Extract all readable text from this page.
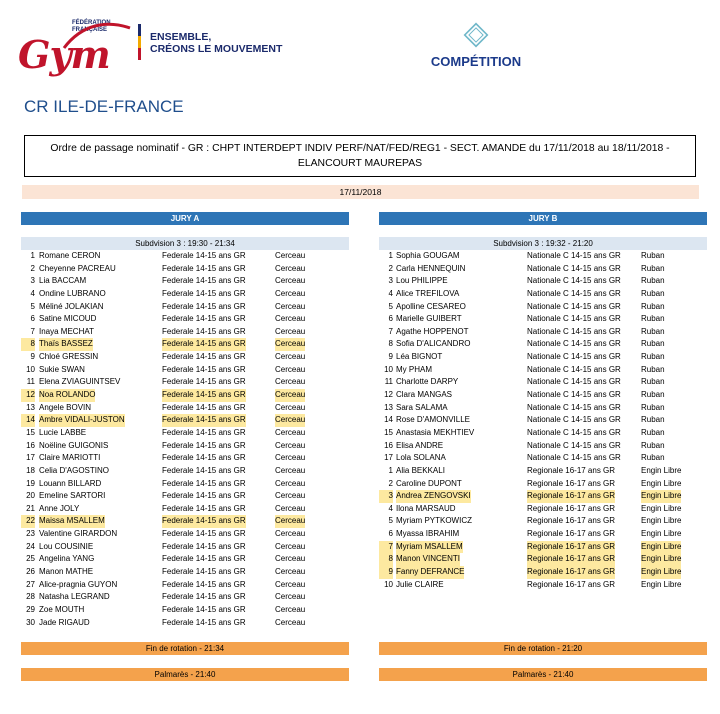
FÉDÉRATION FRANÇAISE
Gym	ENSEMBLE,
CRÉONS LE MOUVEMENT
COMPÉTITION
CR ILE-DE-FRANCE
Ordre de passage nominatif - GR : CHPT INTERDEPT INDIV PERF/NAT/FED/REG1 - SECT. AMANDE du 17/11/2018 au 18/11/2018 -
ELANCOURT MAUREPAS
17/11/2018
JURY A
Subdvision 3 : 19:30 - 21:34
1 Romane CERON	Federale 14-15 ans GR	Cerceau
2 Cheyenne PACREAU	Federale 14-15 ans GR	Cerceau
3 Lia BACCAM	Federale 14-15 ans GR	Cerceau
4 Ondine LUBRANO	Federale 14-15 ans GR	Cerceau
5 Méliné JOLAKIAN	Federale 14-15 ans GR	Cerceau
6 Satine MICOUD	Federale 14-15 ans GR	Cerceau
7 Inaya MECHAT	Federale 14-15 ans GR	Cerceau
8 Thaïs BASSEZ	Federale 14-15 ans GR	Cerceau
9 Chloé GRESSIN	Federale 14-15 ans GR	Cerceau
10 Sukie SWAN	Federale 14-15 ans GR	Cerceau
11 Elena ZVIAGUINTSEV	Federale 14-15 ans GR	Cerceau
12 Noa ROLANDO	Federale 14-15 ans GR	Cerceau
13 Angele BOVIN	Federale 14-15 ans GR	Cerceau
14 Ambre VIDALI-JUSTON	Federale 14-15 ans GR	Cerceau
15 Lucie LABBE	Federale 14-15 ans GR	Cerceau
16 Noëline GUIGONIS	Federale 14-15 ans GR	Cerceau
17 Claire MARIOTTI	Federale 14-15 ans GR	Cerceau
18 Celia D'AGOSTINO	Federale 14-15 ans GR	Cerceau
19 Louann BILLARD	Federale 14-15 ans GR	Cerceau
20 Emeline SARTORI	Federale 14-15 ans GR	Cerceau
21 Anne JOLY	Federale 14-15 ans GR	Cerceau
22 Maissa MSALLEM	Federale 14-15 ans GR	Cerceau
23 Valentine GIRARDON	Federale 14-15 ans GR	Cerceau
24 Lou COUSINIE	Federale 14-15 ans GR	Cerceau
25 Angelina YANG	Federale 14-15 ans GR	Cerceau
26 Manon MATHE	Federale 14-15 ans GR	Cerceau
27 Alice-pragnia GUYON	Federale 14-15 ans GR	Cerceau
28 Natasha LEGRAND	Federale 14-15 ans GR	Cerceau
29 Zoe MOUTH	Federale 14-15 ans GR	Cerceau
30 Jade RIGAUD	Federale 14-15 ans GR	Cerceau
JURY B
Subdvision 3 : 19:32 - 21:20
1 Sophia GOUGAM	Nationale C 14-15 ans GR	Ruban
2 Carla HENNEQUIN	Nationale C 14-15 ans GR	Ruban
3 Lou PHILIPPE	Nationale C 14-15 ans GR	Ruban
4 Alice TREFILOVA	Nationale C 14-15 ans GR	Ruban
5 Apolline CESAREO	Nationale C 14-15 ans GR	Ruban
6 Marielle GUIBERT	Nationale C 14-15 ans GR	Ruban
7 Agathe HOPPENOT	Nationale C 14-15 ans GR	Ruban
8 Sofia D'ALICANDRO	Nationale C 14-15 ans GR	Ruban
9 Léa BIGNOT	Nationale C 14-15 ans GR	Ruban
10 My PHAM	Nationale C 14-15 ans GR	Ruban
11 Charlotte DARPY	Nationale C 14-15 ans GR	Ruban
12 Clara MANGAS	Nationale C 14-15 ans GR	Ruban
13 Sara SALAMA	Nationale C 14-15 ans GR	Ruban
14 Rose D'AMONVILLE	Nationale C 14-15 ans GR	Ruban
15 Anastasia MEKHTIEV	Nationale C 14-15 ans GR	Ruban
16 Elisa ANDRE	Nationale C 14-15 ans GR	Ruban
17 Lola SOLANA	Nationale C 14-15 ans GR	Ruban
1 Alia BEKKALI	Regionale 16-17 ans GR	Engin Libre
2 Caroline DUPONT	Regionale 16-17 ans GR	Engin Libre
3 Andrea ZENGOVSKI	Regionale 16-17 ans GR	Engin Libre
4 Ilona MARSAUD	Regionale 16-17 ans GR	Engin Libre
5 Myriam PYTKOWICZ	Regionale 16-17 ans GR	Engin Libre
6 Myassa IBRAHIM	Regionale 16-17 ans GR	Engin Libre
7 Myriam MSALLEM	Regionale 16-17 ans GR	Engin Libre
8 Manon VINCENTI	Regionale 16-17 ans GR	Engin Libre
9 Fanny DEFRANCE	Regionale 16-17 ans GR	Engin Libre
10 Julie CLAIRE	Regionale 16-17 ans GR	Engin Libre
Fin de rotation - 21:34	Fin de rotation - 21:20
Palmarès - 21:40	Palmarès - 21:40
